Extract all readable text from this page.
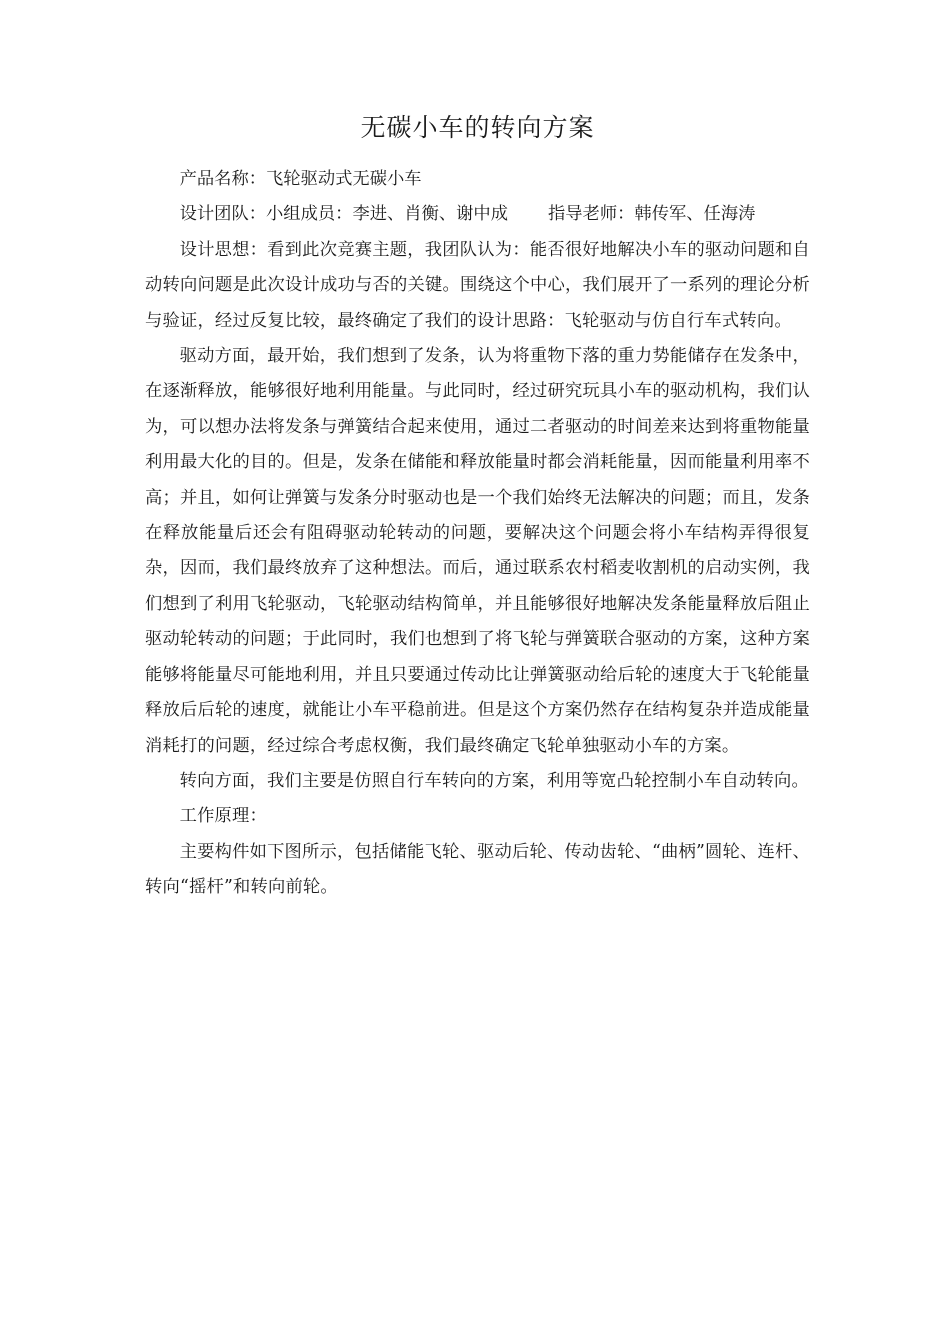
无碳小车的转向方案

产品名称：飞轮驱动式无碳小车

设计团队：小组成员：李进、肖衡、谢中成 指导老师：韩传军、任海涛

设计思想：看到此次竞赛主题，我团队认为：能否很好地解决小车的驱动问题和自动转向问题是此次设计成功与否的关键。围绕这个中心，我们展开了一系列的理论分析与验证，经过反复比较，最终确定了我们的设计思路：飞轮驱动与仿自行车式转向。

驱动方面，最开始，我们想到了发条，认为将重物下落的重力势能储存在发条中，在逐渐释放，能够很好地利用能量。与此同时，经过研究玩具小车的驱动机构，我们认为，可以想办法将发条与弹簧结合起来使用，通过二者驱动的时间差来达到将重物能量利用最大化的目的。但是，发条在储能和释放能量时都会消耗能量，因而能量利用率不高；并且，如何让弹簧与发条分时驱动也是一个我们始终无法解决的问题；而且，发条在释放能量后还会有阻碍驱动轮转动的问题，要解决这个问题会将小车结构弄得很复杂，因而，我们最终放弃了这种想法。而后，通过联系农村稻麦收割机的启动实例，我们想到了利用飞轮驱动，飞轮驱动结构简单，并且能够很好地解决发条能量释放后阻止驱动轮转动的问题；于此同时，我们也想到了将飞轮与弹簧联合驱动的方案，这种方案能够将能量尽可能地利用，并且只要通过传动比让弹簧驱动给后轮的速度大于飞轮能量释放后后轮的速度，就能让小车平稳前进。但是这个方案仍然存在结构复杂并造成能量消耗打的问题，经过综合考虑权衡，我们最终确定飞轮单独驱动小车的方案。

转向方面，我们主要是仿照自行车转向的方案，利用等宽凸轮控制小车自动转向。

工作原理：

主要构件如下图所示，包括储能飞轮、驱动后轮、传动齿轮、“曲柄”圆轮、连杆、转向“摇杆”和转向前轮。
